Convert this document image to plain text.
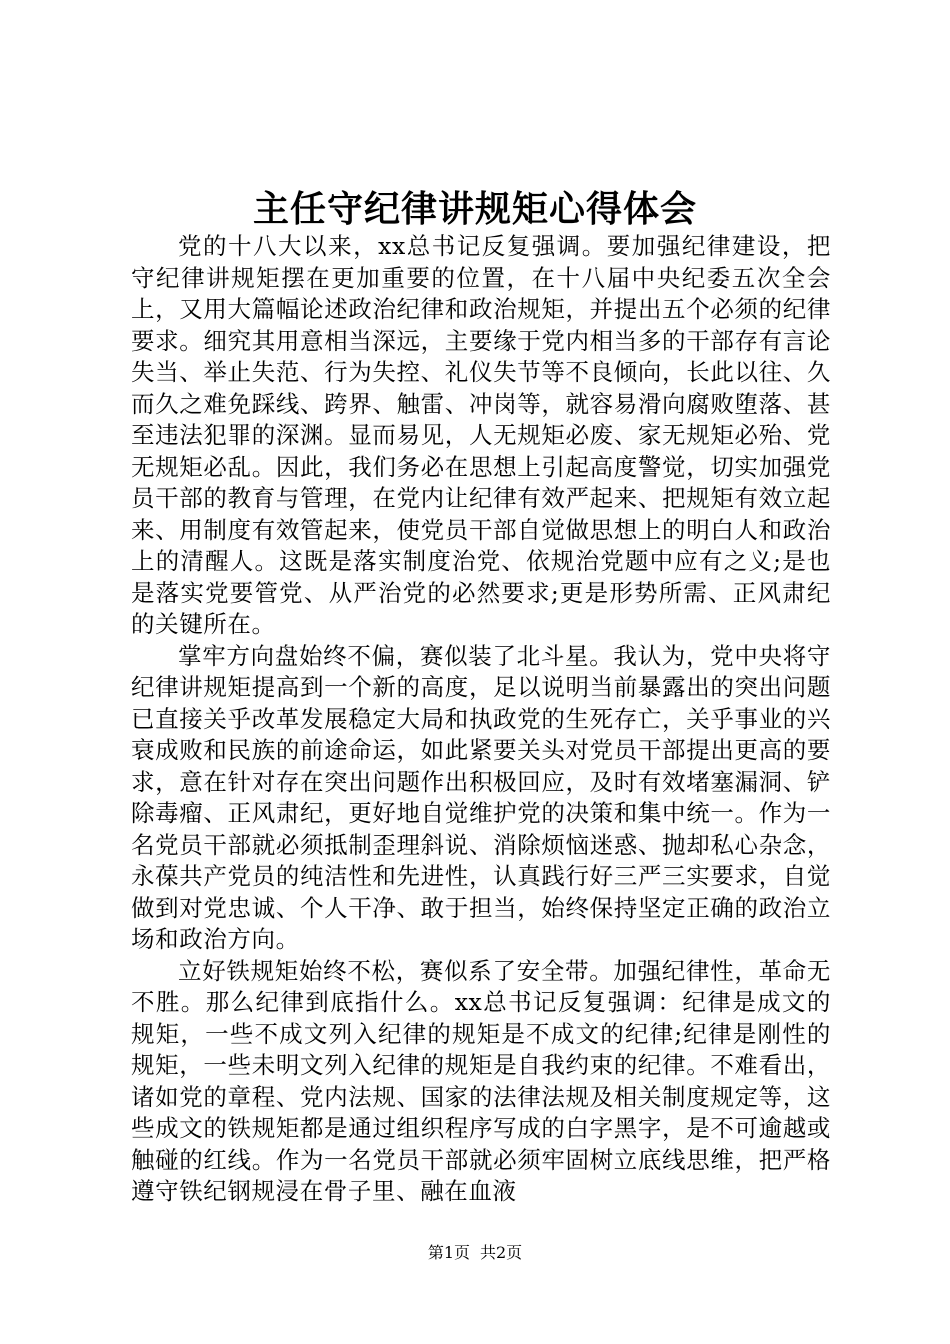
主任守纪律讲规矩心得体会

党的十八大以来，xx总书记反复强调。要加强纪律建设，把守纪律讲规矩摆在更加重要的位置，在十八届中央纪委五次全会上，又用大篇幅论述政治纪律和政治规矩，并提出五个必须的纪律要求。细究其用意相当深远，主要缘于党内相当多的干部存有言论失当、举止失范、行为失控、礼仪失节等不良倾向，长此以往、久而久之难免踩线、跨界、触雷、冲岗等，就容易滑向腐败堕落、甚至违法犯罪的深渊。显而易见，人无规矩必废、家无规矩必殆、党无规矩必乱。因此，我们务必在思想上引起高度警觉，切实加强党员干部的教育与管理，在党内让纪律有效严起来、把规矩有效立起来、用制度有效管起来，使党员干部自觉做思想上的明白人和政治上的清醒人。这既是落实制度治党、依规治党题中应有之义;是也是落实党要管党、从严治党的必然要求;更是形势所需、正风肃纪的关键所在。

掌牢方向盘始终不偏，赛似装了北斗星。我认为，党中央将守纪律讲规矩提高到一个新的高度，足以说明当前暴露出的突出问题已直接关乎改革发展稳定大局和执政党的生死存亡，关乎事业的兴衰成败和民族的前途命运，如此紧要关头对党员干部提出更高的要求，意在针对存在突出问题作出积极回应，及时有效堵塞漏洞、铲除毒瘤、正风肃纪，更好地自觉维护党的决策和集中统一。作为一名党员干部就必须抵制歪理斜说、消除烦恼迷惑、抛却私心杂念，永葆共产党员的纯洁性和先进性，认真践行好三严三实要求，自觉做到对党忠诚、个人干净、敢于担当，始终保持坚定正确的政治立场和政治方向。

立好铁规矩始终不松，赛似系了安全带。加强纪律性，革命无不胜。那么纪律到底指什么。xx总书记反复强调：纪律是成文的规矩，一些不成文列入纪律的规矩是不成文的纪律;纪律是刚性的规矩，一些未明文列入纪律的规矩是自我约束的纪律。不难看出，诸如党的章程、党内法规、国家的法律法规及相关制度规定等，这些成文的铁规矩都是通过组织程序写成的白字黑字，是不可逾越或触碰的红线。作为一名党员干部就必须牢固树立底线思维，把严格遵守铁纪钢规浸在骨子里、融在血液

第1页 共2页
